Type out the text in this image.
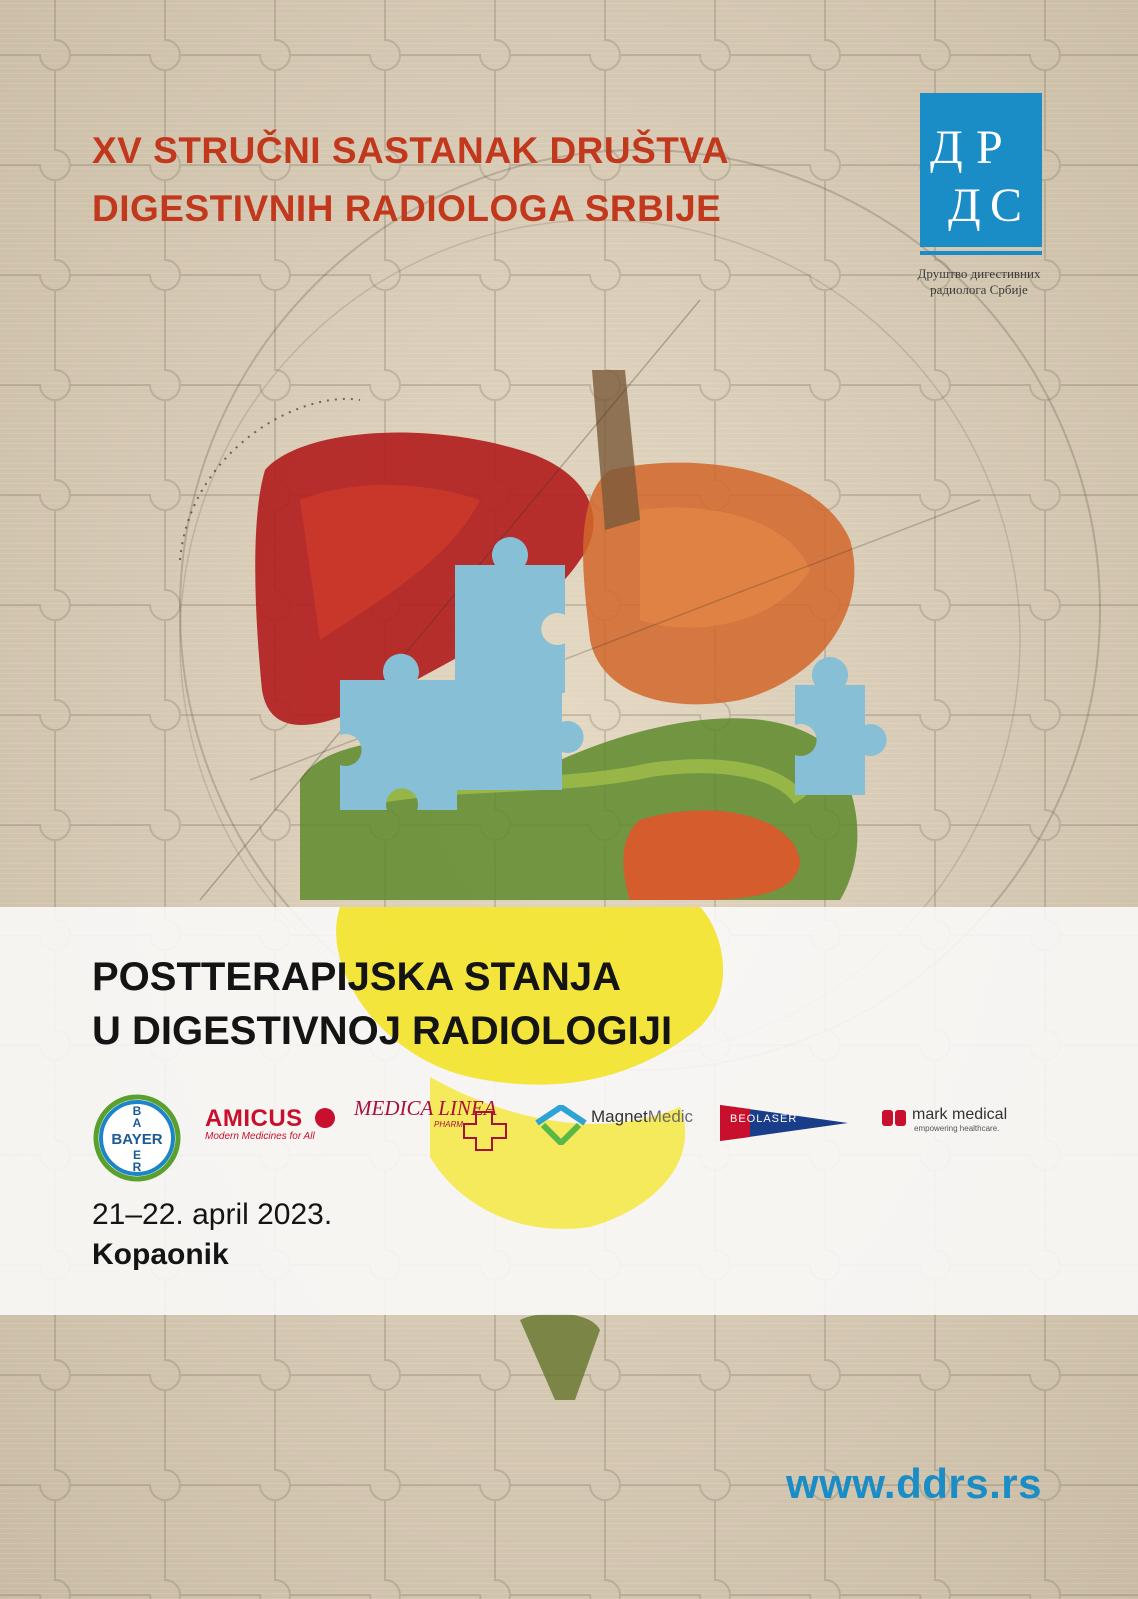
XV STRUČNI SASTANAK DRUŠTVA
DIGESTIVNIH RADIOLOGA SRBIJE
Д Р
Д С
Друштво дигестивних
радиолога Србије
POSTTERAPIJSKA STANJA
U DIGESTIVNOJ RADIOLOGIJI
BAYER
B
A
E
R
AMICUS
Modern Medicines for All
MEDICA LINEA
PHARM	MagnetMedic	BEOLASER	mark medical
empowering healthcare.

21–22. april 2023.

Kopaonik

www.ddrs.rs
